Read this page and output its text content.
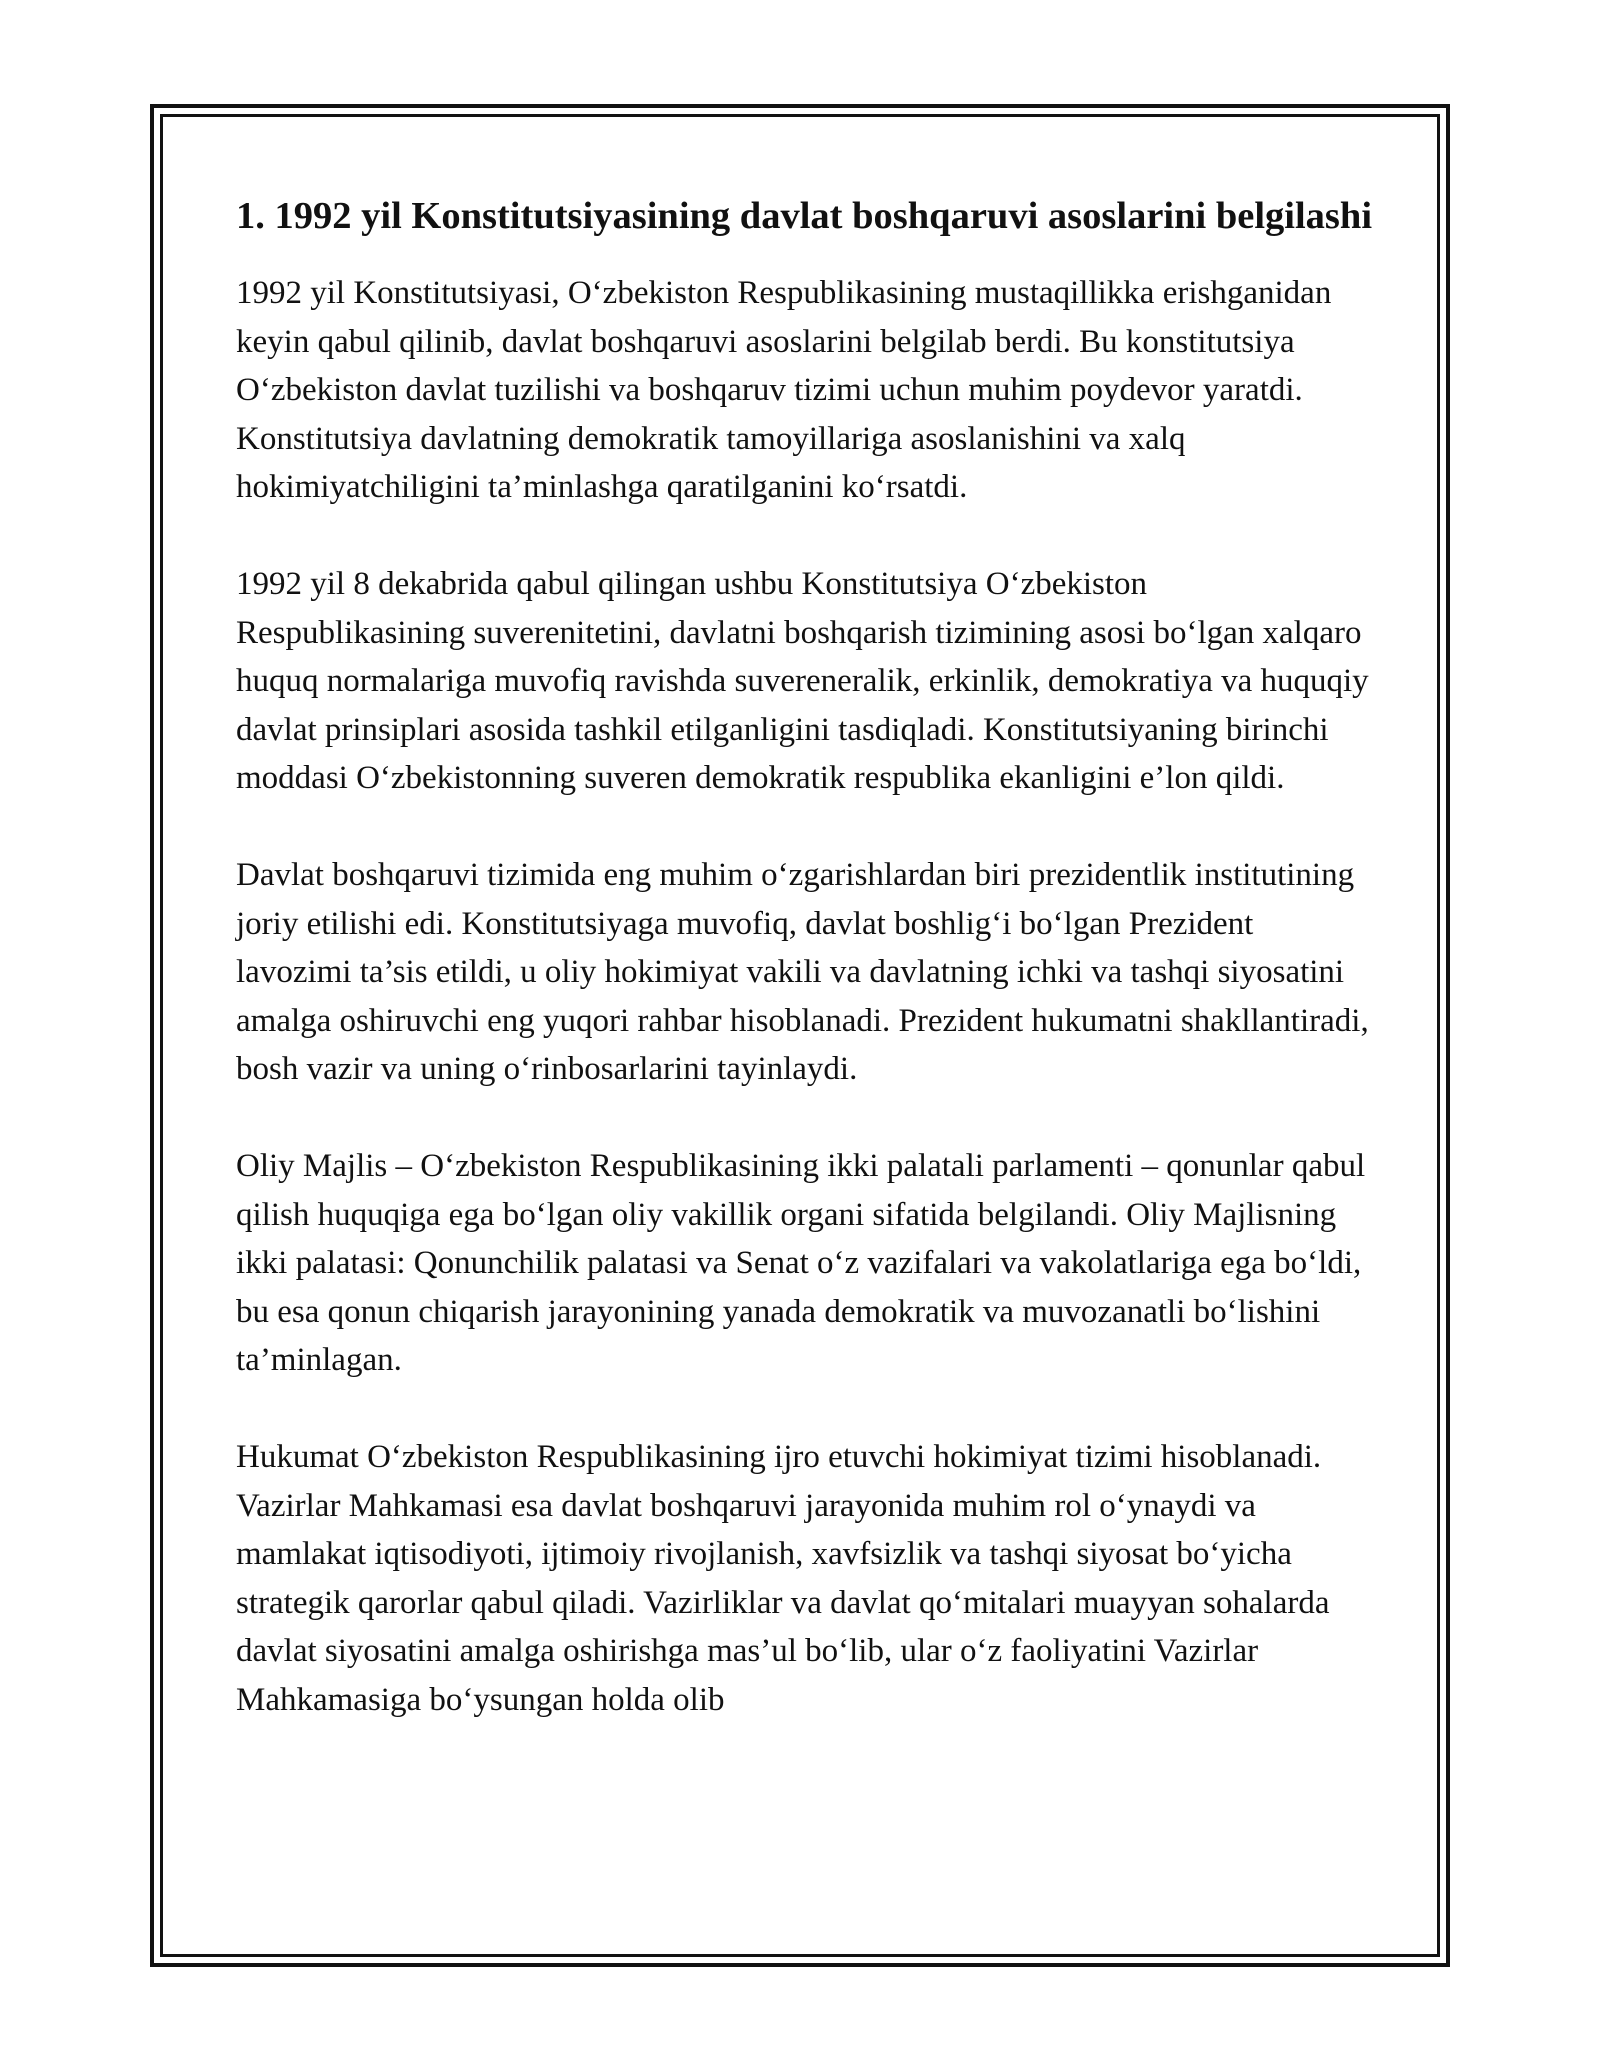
1. 1992 yil Konstitutsiyasining davlat boshqaruvi asoslarini belgilashi

1992 yil Konstitutsiyasi, O‘zbekiston Respublikasining mustaqillikka erishganidan keyin qabul qilinib, davlat boshqaruvi asoslarini belgilab berdi. Bu konstitutsiya O‘zbekiston davlat tuzilishi va boshqaruv tizimi uchun muhim poydevor yaratdi. Konstitutsiya davlatning demokratik tamoyillariga asoslanishini va xalq hokimiyatchiligini ta’minlashga qaratilganini ko‘rsatdi.

1992 yil 8 dekabrida qabul qilingan ushbu Konstitutsiya O‘zbekiston Respublikasining suverenitetini, davlatni boshqarish tizimining asosi bo‘lgan xalqaro huquq normalariga muvofiq ravishda suvereneralik, erkinlik, demokratiya va huquqiy davlat prinsiplari asosida tashkil etilganligini tasdiqladi. Konstitutsiyaning birinchi moddasi O‘zbekistonning suveren demokratik respublika ekanligini e’lon qildi.

Davlat boshqaruvi tizimida eng muhim o‘zgarishlardan biri prezidentlik institutining joriy etilishi edi. Konstitutsiyaga muvofiq, davlat boshlig‘i bo‘lgan Prezident lavozimi ta’sis etildi, u oliy hokimiyat vakili va davlatning ichki va tashqi siyosatini amalga oshiruvchi eng yuqori rahbar hisoblanadi. Prezident hukumatni shakllantiradi, bosh vazir va uning o‘rinbosarlarini tayinlaydi.

Oliy Majlis – O‘zbekiston Respublikasining ikki palatali parlamenti – qonunlar qabul qilish huquqiga ega bo‘lgan oliy vakillik organi sifatida belgilandi. Oliy Majlisning ikki palatasi: Qonunchilik palatasi va Senat o‘z vazifalari va vakolatlariga ega bo‘ldi, bu esa qonun chiqarish jarayonining yanada demokratik va muvozanatli bo‘lishini ta’minlagan.

Hukumat O‘zbekiston Respublikasining ijro etuvchi hokimiyat tizimi hisoblanadi. Vazirlar Mahkamasi esa davlat boshqaruvi jarayonida muhim rol o‘ynaydi va mamlakat iqtisodiyoti, ijtimoiy rivojlanish, xavfsizlik va tashqi siyosat bo‘yicha strategik qarorlar qabul qiladi. Vazirliklar va davlat qo‘mitalari muayyan sohalarda davlat siyosatini amalga oshirishga mas’ul bo‘lib, ular o‘z faoliyatini Vazirlar Mahkamasiga bo‘ysungan holda olib
